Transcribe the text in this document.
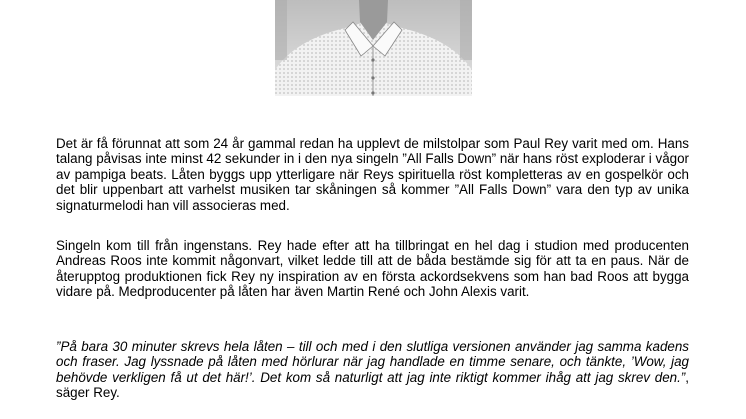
Det är få förunnat att som 24 år gammal redan ha upplevt de milstolpar som Paul Rey varit med om. Hans talang påvisas inte minst 42 sekunder in i den nya singeln ”All Falls Down” när hans röst exploderar i vågor av pampiga beats. Låten byggs upp ytterligare när Reys spirituella röst kompletteras av en gospelkör och det blir uppenbart att varhelst musiken tar skåningen så kommer ”All Falls Down” vara den typ av unika signaturmelodi han vill associeras med.

Singeln kom till från ingenstans. Rey hade efter att ha tillbringat en hel dag i studion med producenten Andreas Roos inte kommit någonvart, vilket ledde till att de båda bestämde sig för att ta en paus. När de återupptog produktionen fick Rey ny inspiration av en första ackordsekvens som han bad Roos att bygga vidare på. Medproducenter på låten har även Martin René och John Alexis varit.

”På bara 30 minuter skrevs hela låten – till och med i den slutliga versionen använder jag samma kadens och fraser. Jag lyssnade på låten med hörlurar när jag handlade en timme senare, och tänkte, ’Wow, jag behövde verkligen få ut det här!’. Det kom så naturligt att jag inte riktigt kommer ihåg att jag skrev den.”, säger Rey.
